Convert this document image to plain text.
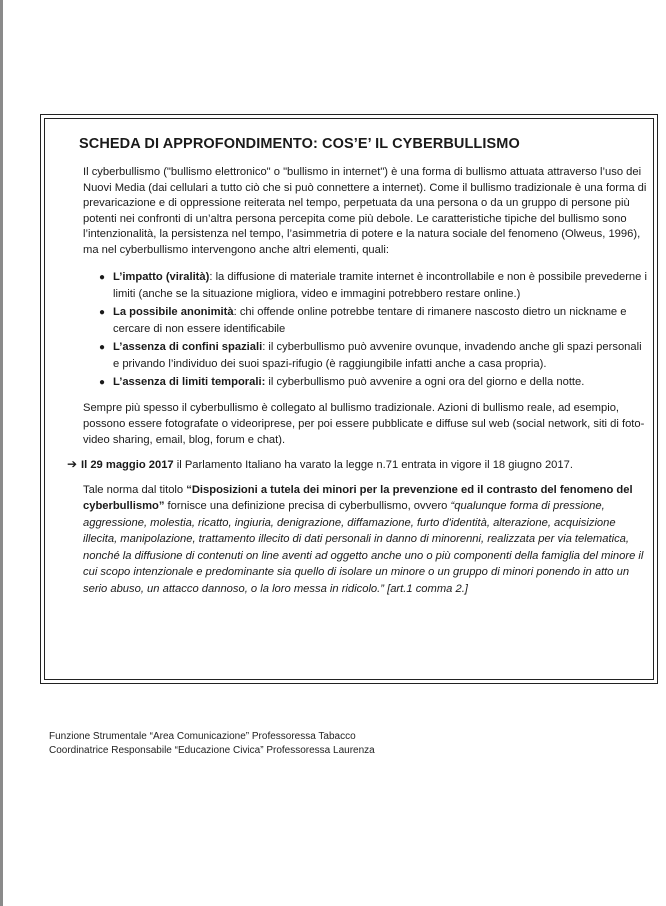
SCHEDA DI APPROFONDIMENTO: COS’E’ IL CYBERBULLISMO

Il cyberbullismo ("bullismo elettronico" o "bullismo in internet") è una forma di bullismo attuata attraverso l’uso dei Nuovi Media (dai cellulari a tutto ciò che si può connettere a internet). Come il bullismo tradizionale è una forma di prevaricazione e di oppressione reiterata nel tempo, perpetuata da una persona o da un gruppo di persone più potenti nei confronti di un’altra persona percepita come più debole. Le caratteristiche tipiche del bullismo sono l’intenzionalità, la persistenza nel tempo, l’asimmetria di potere e la natura sociale del fenomeno (Olweus, 1996), ma nel cyberbullismo intervengono anche altri elementi, quali:

● L’impatto (viralità): la diffusione di materiale tramite internet è incontrollabile e non è possibile prevederne i limiti (anche se la situazione migliora, video e immagini potrebbero restare online.)
● La possibile anonimità: chi offende online potrebbe tentare di rimanere nascosto dietro un nickname e cercare di non essere identificabile
● L’assenza di confini spaziali: il cyberbullismo può avvenire ovunque, invadendo anche gli spazi personali e privando l’individuo dei suoi spazi-rifugio (è raggiungibile infatti anche a casa propria).
● L’assenza di limiti temporali: il cyberbullismo può avvenire a ogni ora del giorno e della notte.

Sempre più spesso il cyberbullismo è collegato al bullismo tradizionale. Azioni di bullismo reale, ad esempio, possono essere fotografate o videoriprese, per poi essere pubblicate e diffuse sul web (social network, siti di foto-video sharing, email, blog, forum e chat).

➔ Il 29 maggio 2017 il Parlamento Italiano ha varato la legge n.71 entrata in vigore il 18 giugno 2017.

Tale norma dal titolo “Disposizioni a tutela dei minori per la prevenzione ed il contrasto del fenomeno del cyberbullismo” fornisce una definizione precisa di cyberbullismo, ovvero “qualunque forma di pressione, aggressione, molestia, ricatto, ingiuria, denigrazione, diffamazione, furto d'identità, alterazione, acquisizione illecita, manipolazione, trattamento illecito di dati personali in danno di minorenni, realizzata per via telematica, nonché la diffusione di contenuti on line aventi ad oggetto anche uno o più componenti della famiglia del minore il cui scopo intenzionale e predominante sia quello di isolare un minore o un gruppo di minori ponendo in atto un serio abuso, un attacco dannoso, o la loro messa in ridicolo.” [art.1 comma 2.]

Funzione Strumentale “Area Comunicazione” Professoressa Tabacco
Coordinatrice Responsabile “Educazione Civica” Professoressa Laurenza
